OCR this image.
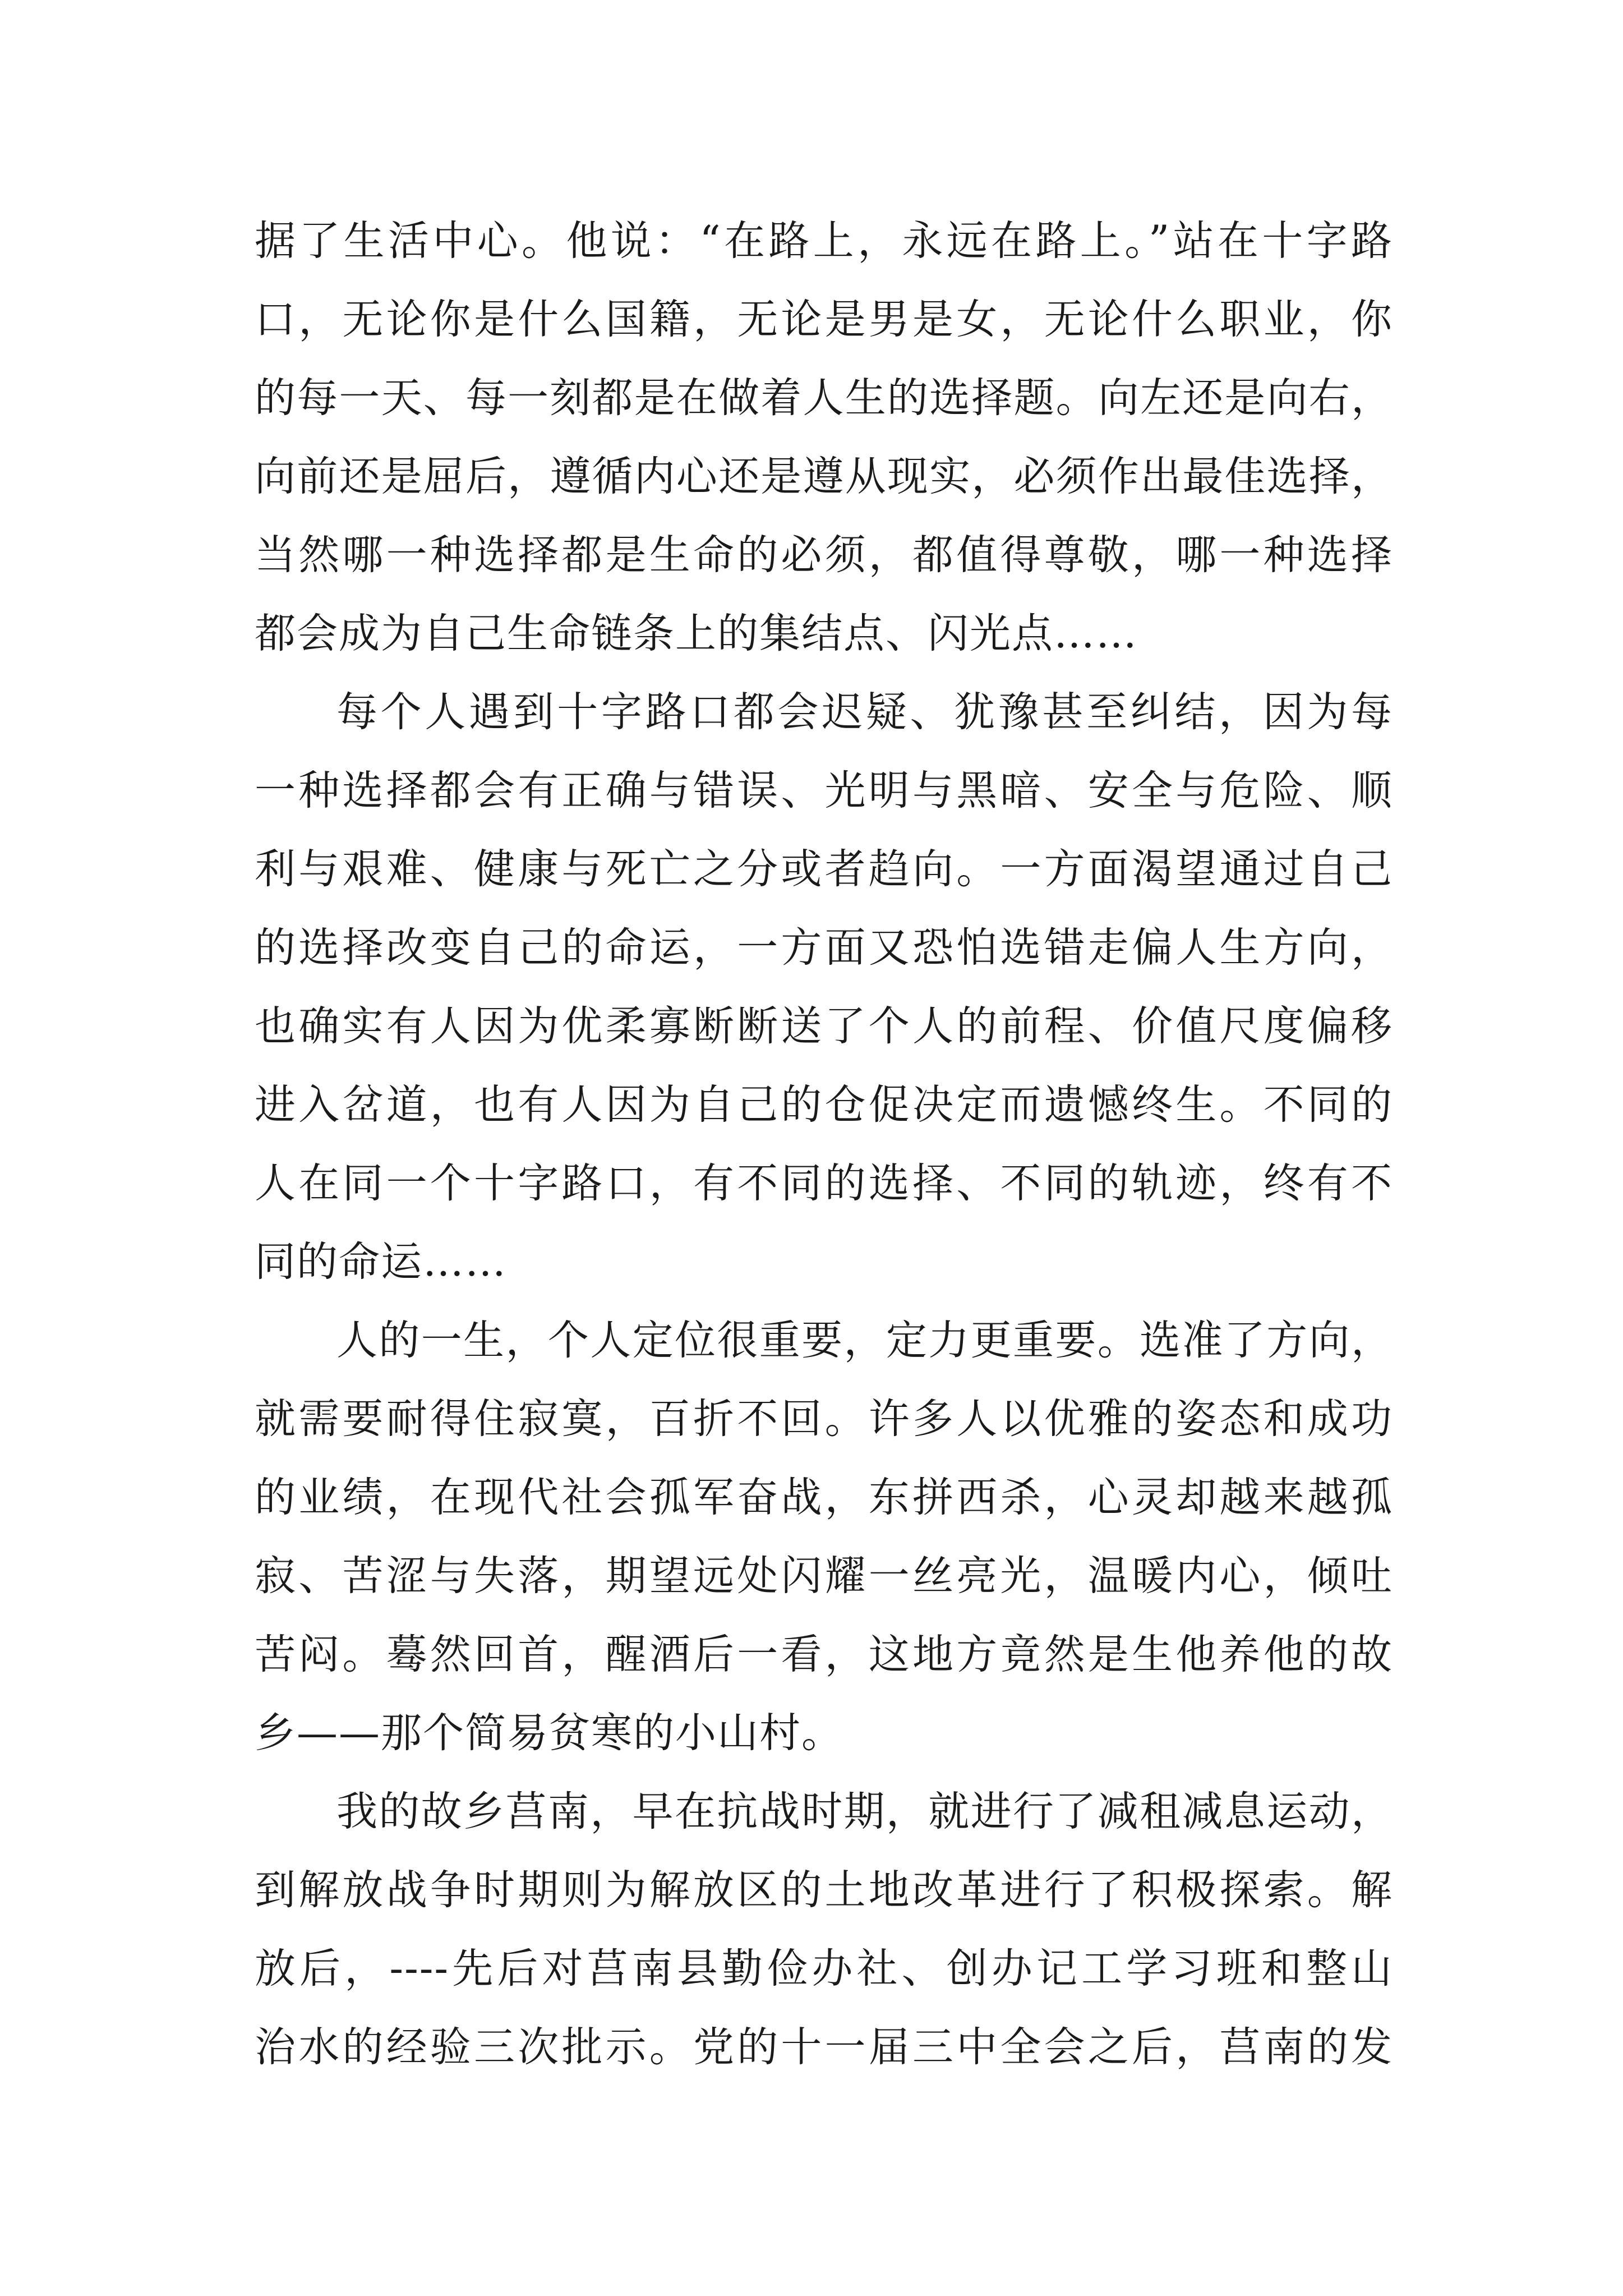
据了生活中心。他说：“在路上，永远在路上。”站在十字路
口，无论你是什么国籍，无论是男是女，无论什么职业，你
的每一天、每一刻都是在做着人生的选择题。向左还是向右，
向前还是屈后，遵循内心还是遵从现实，必须作出最佳选择，
当然哪一种选择都是生命的必须，都值得尊敬，哪一种选择
都会成为自己生命链条上的集结点、闪光点……
每个人遇到十字路口都会迟疑、犹豫甚至纠结，因为每
一种选择都会有正确与错误、光明与黑暗、安全与危险、顺
利与艰难、健康与死亡之分或者趋向。一方面渴望通过自己
的选择改变自己的命运，一方面又恐怕选错走偏人生方向，
也确实有人因为优柔寡断断送了个人的前程、价值尺度偏移
进入岔道，也有人因为自己的仓促决定而遗憾终生。不同的
人在同一个十字路口，有不同的选择、不同的轨迹，终有不
同的命运……
人的一生，个人定位很重要，定力更重要。选准了方向，
就需要耐得住寂寞，百折不回。许多人以优雅的姿态和成功
的业绩，在现代社会孤军奋战，东拼西杀，心灵却越来越孤
寂、苦涩与失落，期望远处闪耀一丝亮光，温暖内心，倾吐
苦闷。蓦然回首，醒酒后一看，这地方竟然是生他养他的故
乡——那个简易贫寒的小山村。
我的故乡莒南，早在抗战时期，就进行了减租减息运动，
到解放战争时期则为解放区的土地改革进行了积极探索。解
放后，----先后对莒南县勤俭办社、创办记工学习班和整山
治水的经验三次批示。党的十一届三中全会之后，莒南的发
